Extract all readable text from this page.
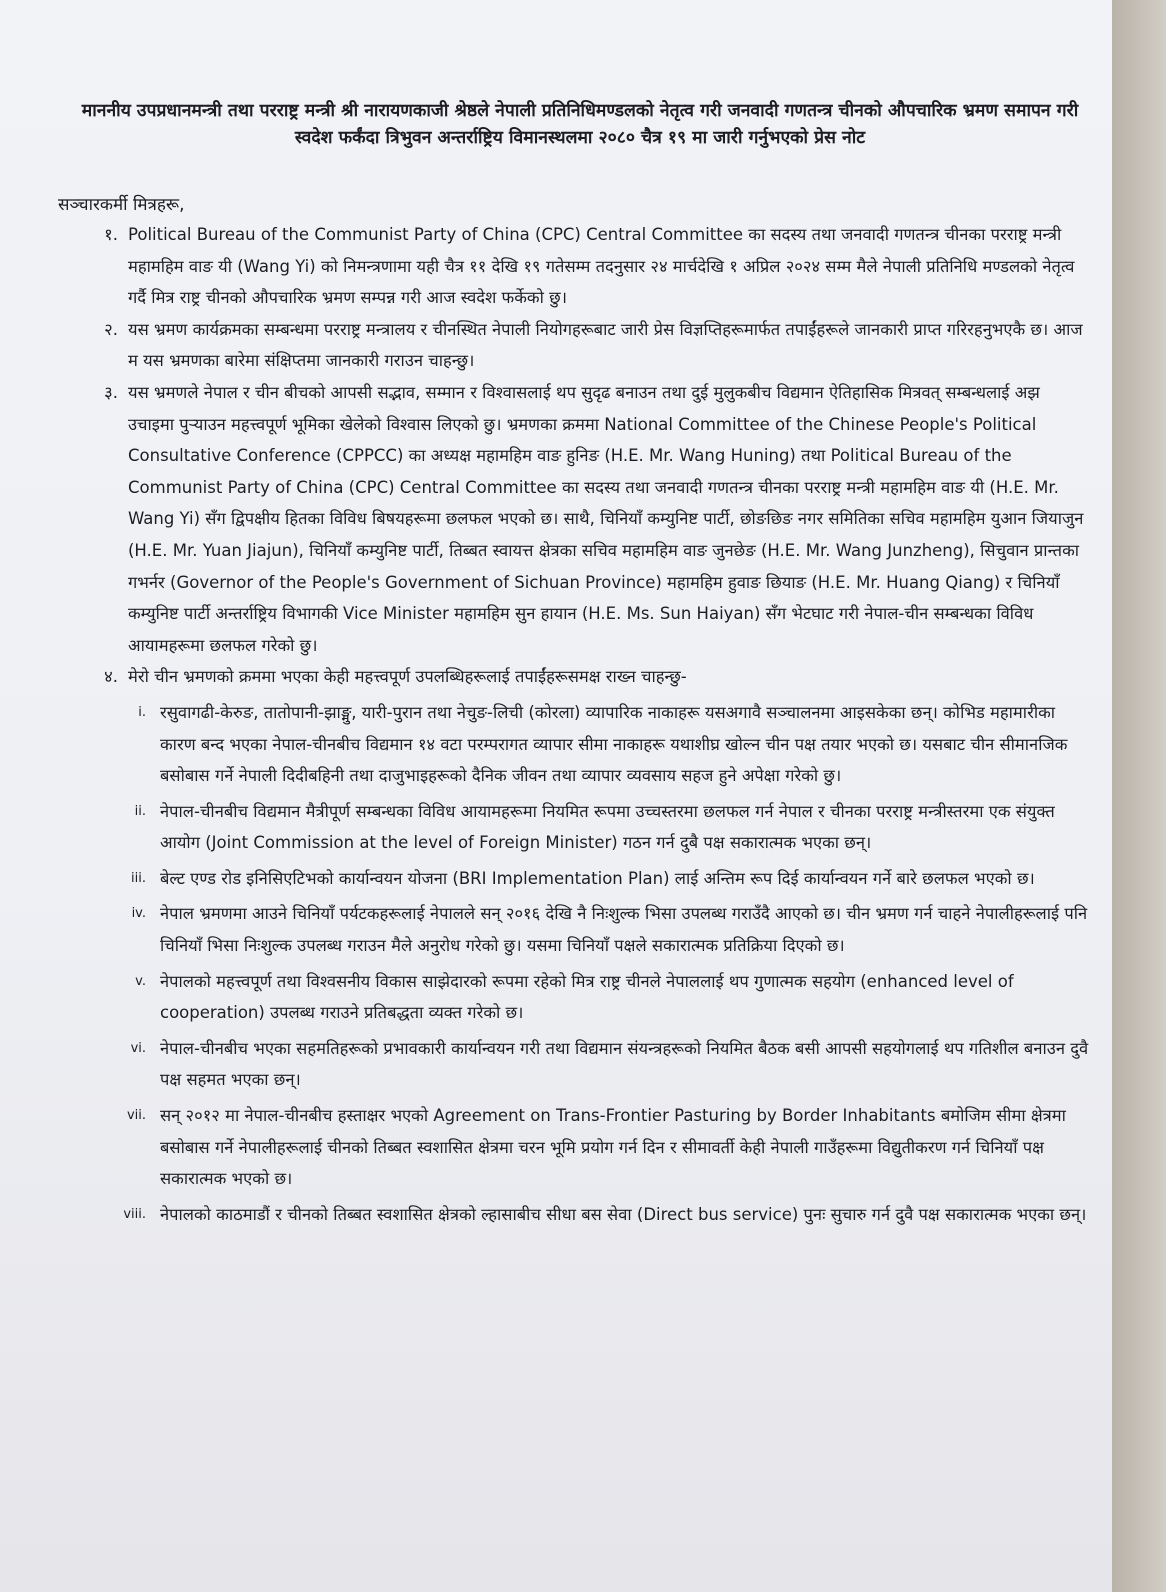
माननीय उपप्रधानमन्त्री तथा परराष्ट्र मन्त्री श्री नारायणकाजी श्रेष्ठले नेपाली प्रतिनिधिमण्डलको नेतृत्व गरी जनवादी गणतन्त्र चीनको औपचारिक भ्रमण समापन गरी स्वदेश फर्कंदा त्रिभुवन अन्तर्राष्ट्रिय विमानस्थलमा २०८० चैत्र १९ मा जारी गर्नुभएको प्रेस नोट
सञ्चारकर्मी मित्रहरू,
१. Political Bureau of the Communist Party of China (CPC) Central Committee का सदस्य तथा जनवादी गणतन्त्र चीनका परराष्ट्र मन्त्री महामहिम वाङ यी (Wang Yi) को निमन्त्रणामा यही चैत्र ११ देखि १९ गतेसम्म तदनुसार २४ मार्चदेखि १ अप्रिल २०२४ सम्म मैले नेपाली प्रतिनिधि मण्डलको नेतृत्व गर्दै मित्र राष्ट्र चीनको औपचारिक भ्रमण सम्पन्न गरी आज स्वदेश फर्केको छु।
२. यस भ्रमण कार्यक्रमका सम्बन्धमा परराष्ट्र मन्त्रालय र चीनस्थित नेपाली नियोगहरूबाट जारी प्रेस विज्ञप्तिहरूमार्फत तपाईंहरूले जानकारी प्राप्त गरिरहनुभएकै छ। आज म यस भ्रमणका बारेमा संक्षिप्तमा जानकारी गराउन चाहन्छु।
३. यस भ्रमणले नेपाल र चीन बीचको आपसी सद्भाव, सम्मान र विश्वासलाई थप सुदृढ बनाउन तथा दुई मुलुकबीच विद्यमान ऐतिहासिक मित्रवत् सम्बन्धलाई अझ उचाइमा पुऱ्याउन महत्त्वपूर्ण भूमिका खेलेको विश्वास लिएको छु। भ्रमणका क्रममा National Committee of the Chinese People's Political Consultative Conference (CPPCC) का अध्यक्ष महामहिम वाङ हुनिङ (H.E. Mr. Wang Huning) तथा Political Bureau of the Communist Party of China (CPC) Central Committee का सदस्य तथा जनवादी गणतन्त्र चीनका परराष्ट्र मन्त्री महामहिम वाङ यी (H.E. Mr. Wang Yi) सँग द्विपक्षीय हितका विविध बिषयहरूमा छलफल भएको छ। साथै, चिनियाँ कम्युनिष्ट पार्टी, छोङछिङ नगर समितिका सचिव महामहिम युआन जियाजुन (H.E. Mr. Yuan Jiajun), चिनियाँ कम्युनिष्ट पार्टी, तिब्बत स्वायत्त क्षेत्रका सचिव महामहिम वाङ जुनछेङ (H.E. Mr. Wang Junzheng), सिचुवान प्रान्तका गभर्नर (Governor of the People's Government of Sichuan Province) महामहिम हुवाङ छियाङ (H.E. Mr. Huang Qiang) र चिनियाँ कम्युनिष्ट पार्टी अन्तर्राष्ट्रिय विभागकी Vice Minister महामहिम सुन हायान (H.E. Ms. Sun Haiyan) सँग भेटघाट गरी नेपाल-चीन सम्बन्धका विविध आयामहरूमा छलफल गरेको छु।
४. मेरो चीन भ्रमणको क्रममा भएका केही महत्त्वपूर्ण उपलब्धिहरूलाई तपाईंहरूसमक्ष राख्न चाहन्छु-
i. रसुवागढी-केरुङ, तातोपानी-झाङ्मु, यारी-पुरान तथा नेचुङ-लिची (कोरला) व्यापारिक नाकाहरू यसअगावै सञ्चालनमा आइसकेका छन्। कोभिड महामारीका कारण बन्द भएका नेपाल-चीनबीच विद्यमान १४ वटा परम्परागत व्यापार सीमा नाकाहरू यथाशीघ्र खोल्न चीन पक्ष तयार भएको छ। यसबाट चीन सीमानजिक बसोबास गर्ने नेपाली दिदीबहिनी तथा दाजुभाइहरूको दैनिक जीवन तथा व्यापार व्यवसाय सहज हुने अपेक्षा गरेको छु।
ii. नेपाल-चीनबीच विद्यमान मैत्रीपूर्ण सम्बन्धका विविध आयामहरूमा नियमित रूपमा उच्चस्तरमा छलफल गर्न नेपाल र चीनका परराष्ट्र मन्त्रीस्तरमा एक संयुक्त आयोग (Joint Commission at the level of Foreign Minister) गठन गर्न दुबै पक्ष सकारात्मक भएका छन्।
iii. बेल्ट एण्ड रोड इनिसिएटिभको कार्यान्वयन योजना (BRI Implementation Plan) लाई अन्तिम रूप दिई कार्यान्वयन गर्ने बारे छलफल भएको छ।
iv. नेपाल भ्रमणमा आउने चिनियाँ पर्यटकहरूलाई नेपालले सन् २०१६ देखि नै निःशुल्क भिसा उपलब्ध गराउँदै आएको छ। चीन भ्रमण गर्न चाहने नेपालीहरूलाई पनि चिनियाँ भिसा निःशुल्क उपलब्ध गराउन मैले अनुरोध गरेको छु। यसमा चिनियाँ पक्षले सकारात्मक प्रतिक्रिया दिएको छ।
v. नेपालको महत्त्वपूर्ण तथा विश्वसनीय विकास साझेदारको रूपमा रहेको मित्र राष्ट्र चीनले नेपाललाई थप गुणात्मक सहयोग (enhanced level of cooperation) उपलब्ध गराउने प्रतिबद्धता व्यक्त गरेको छ।
vi. नेपाल-चीनबीच भएका सहमतिहरूको प्रभावकारी कार्यान्वयन गरी तथा विद्यमान संयन्त्रहरूको नियमित बैठक बसी आपसी सहयोगलाई थप गतिशील बनाउन दुवै पक्ष सहमत भएका छन्।
vii. सन् २०१२ मा नेपाल-चीनबीच हस्ताक्षर भएको Agreement on Trans-Frontier Pasturing by Border Inhabitants बमोजिम सीमा क्षेत्रमा बसोबास गर्ने नेपालीहरूलाई चीनको तिब्बत स्वशासित क्षेत्रमा चरन भूमि प्रयोग गर्न दिन र सीमावर्ती केही नेपाली गाउँहरूमा विद्युतीकरण गर्न चिनियाँ पक्ष सकारात्मक भएको छ।
viii. नेपालको काठमाडौं र चीनको तिब्बत स्वशासित क्षेत्रको ल्हासाबीच सीधा बस सेवा (Direct bus service) पुनः सुचारु गर्न दुवै पक्ष सकारात्मक भएका छन्।
